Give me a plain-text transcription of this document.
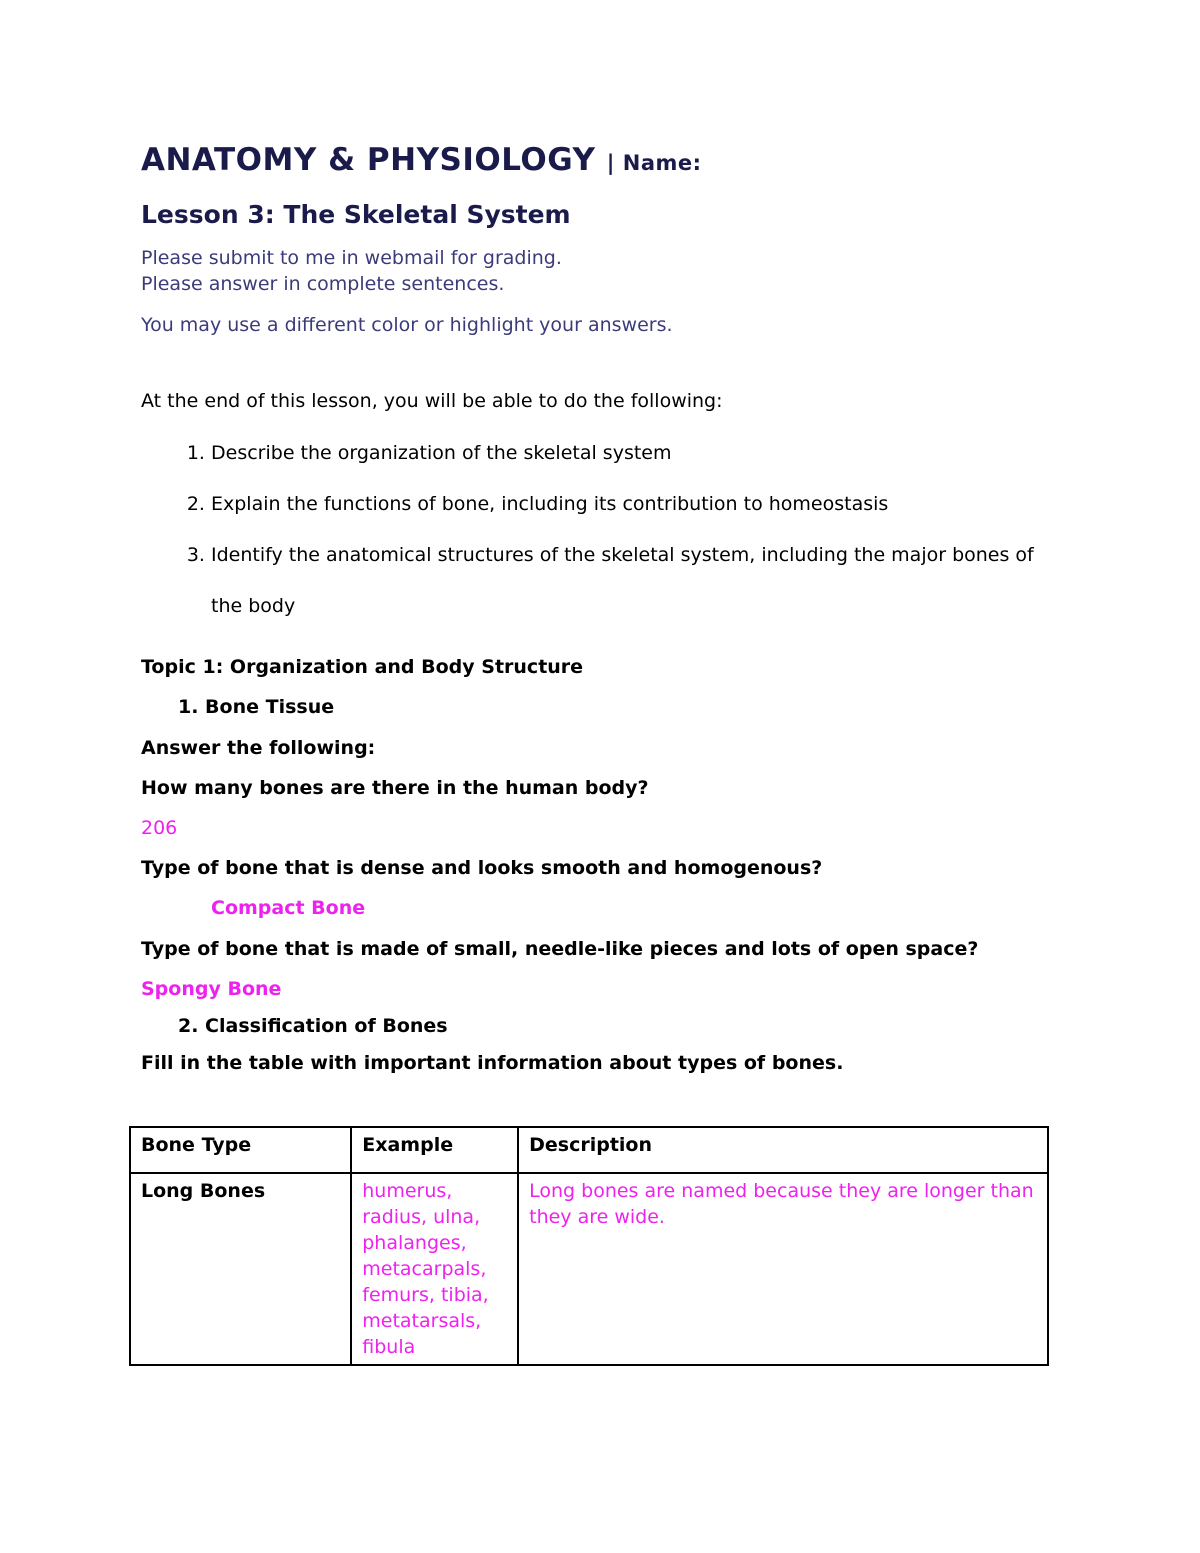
ANATOMY & PHYSIOLOGY | Name:

Lesson 3: The Skeletal System

Please submit to me in webmail for grading.

Please answer in complete sentences.

You may use a different color or highlight your answers.

At the end of this lesson, you will be able to do the following:

1. Describe the organization of the skeletal system
2. Explain the functions of bone, including its contribution to homeostasis
3. Identify the anatomical structures of the skeletal system, including the major bones of the body

Topic 1: Organization and Body Structure

1. Bone Tissue

Answer the following:

How many bones are there in the human body?

206

Type of bone that is dense and looks smooth and homogenous?

Compact Bone

Type of bone that is made of small, needle-like pieces and lots of open space?

Spongy Bone

2. Classification of Bones

Fill in the table with important information about types of bones.

Bone Type	Example	Description
Long Bones	humerus, radius, ulna, phalanges, metacarpals, femurs, tibia, metatarsals, fibula	Long bones are named because they are longer than they are wide.
